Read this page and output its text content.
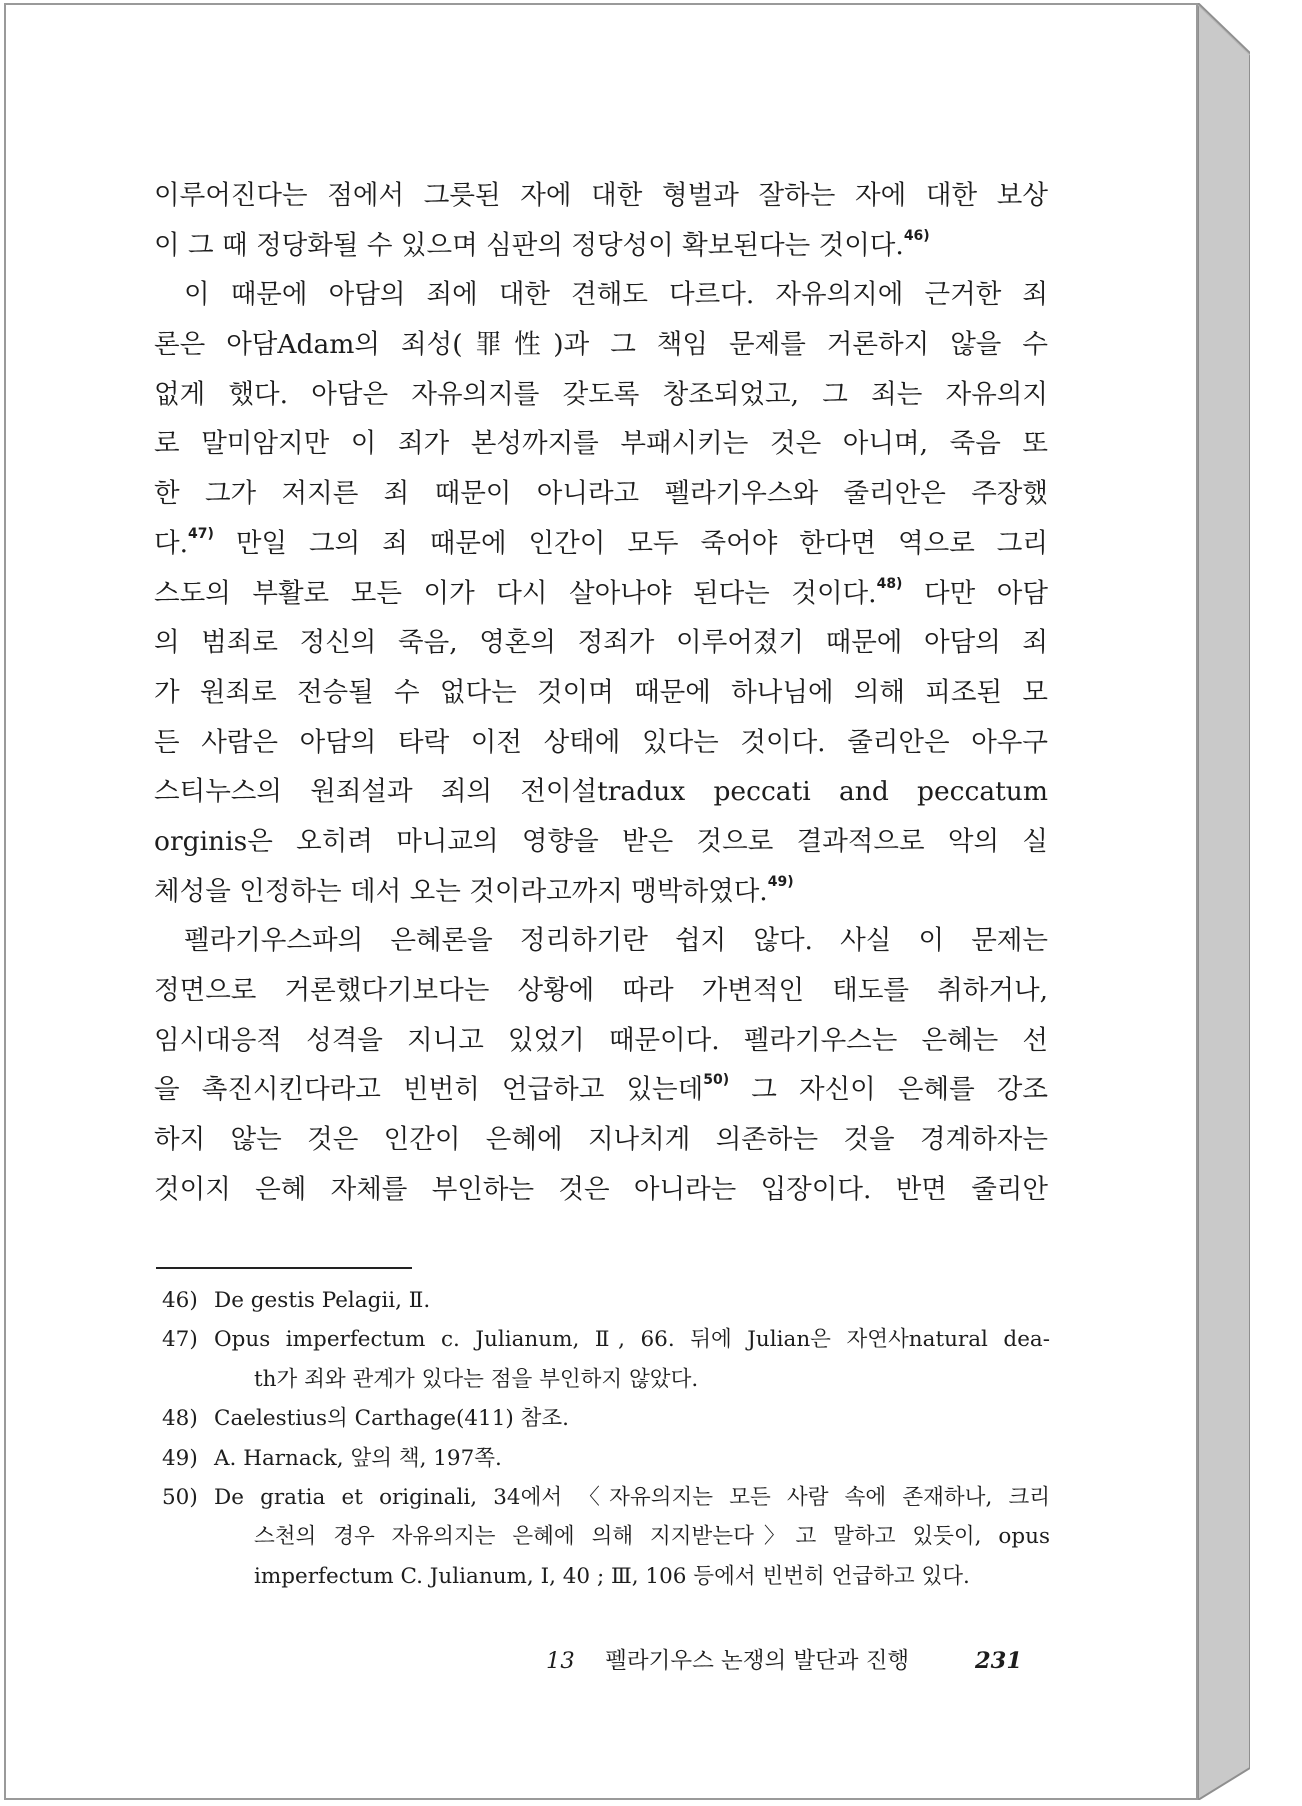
이루어진다는 점에서 그릇된 자에 대한 형벌과 잘하는 자에 대한 보상
이 그 때 정당화될 수 있으며 심판의 정당성이 확보된다는 것이다.$^{46)}$
이 때문에 아담의 죄에 대한 견해도 다르다. 자유의지에 근거한 죄
론은 아담Adam의 죄성(罪性)과 그 책임 문제를 거론하지 않을 수
없게 했다. 아담은 자유의지를 갖도록 창조되었고, 그 죄는 자유의지
로 말미암지만 이 죄가 본성까지를 부패시키는 것은 아니며, 죽음 또
한 그가 저지른 죄 때문이 아니라고 펠라기우스와 줄리안은 주장했
다.$^{47)}$ 만일 그의 죄 때문에 인간이 모두 죽어야 한다면 역으로 그리
스도의 부활로 모든 이가 다시 살아나야 된다는 것이다.$^{48)}$ 다만 아담
의 범죄로 정신의 죽음, 영혼의 정죄가 이루어졌기 때문에 아담의 죄
가 원죄로 전승될 수 없다는 것이며 때문에 하나님에 의해 피조된 모
든 사람은 아담의 타락 이전 상태에 있다는 것이다. 줄리안은 아우구
스티누스의 원죄설과 죄의 전이설tradux peccati and peccatum
orginis은 오히려 마니교의 영향을 받은 것으로 결과적으로 악의 실
체성을 인정하는 데서 오는 것이라고까지 맹박하였다.$^{49)}$
펠라기우스파의 은혜론을 정리하기란 쉽지 않다. 사실 이 문제는
정면으로 거론했다기보다는 상황에 따라 가변적인 태도를 취하거나,
임시대응적 성격을 지니고 있었기 때문이다. 펠라기우스는 은혜는 선
을 촉진시킨다라고 빈번히 언급하고 있는데$^{50)}$ 그 자신이 은혜를 강조
하지 않는 것은 인간이 은혜에 지나치게 의존하는 것을 경계하자는
것이지 은혜 자체를 부인하는 것은 아니라는 입장이다. 반면 줄리안
46) De gestis Pelagii, Ⅱ.
47) Opus imperfectum c. Julianum, Ⅱ, 66. 뒤에 Julian은 자연사natural dea-
th가 죄와 관계가 있다는 점을 부인하지 않았다.
48) Caelestius의 Carthage(411) 참조.
49) A. Harnack, 앞의 책, 197쪽.
50) De gratia et originali, 34에서 〈자유의지는 모든 사람 속에 존재하나, 크리
스천의 경우 자유의지는 은혜에 의해 지지받는다〉고 말하고 있듯이, opus
imperfectum C. Julianum, Ⅰ, 40 ; Ⅲ, 106 등에서 빈번히 언급하고 있다.
13 펠라기우스 논쟁의 발단과 진행	231
